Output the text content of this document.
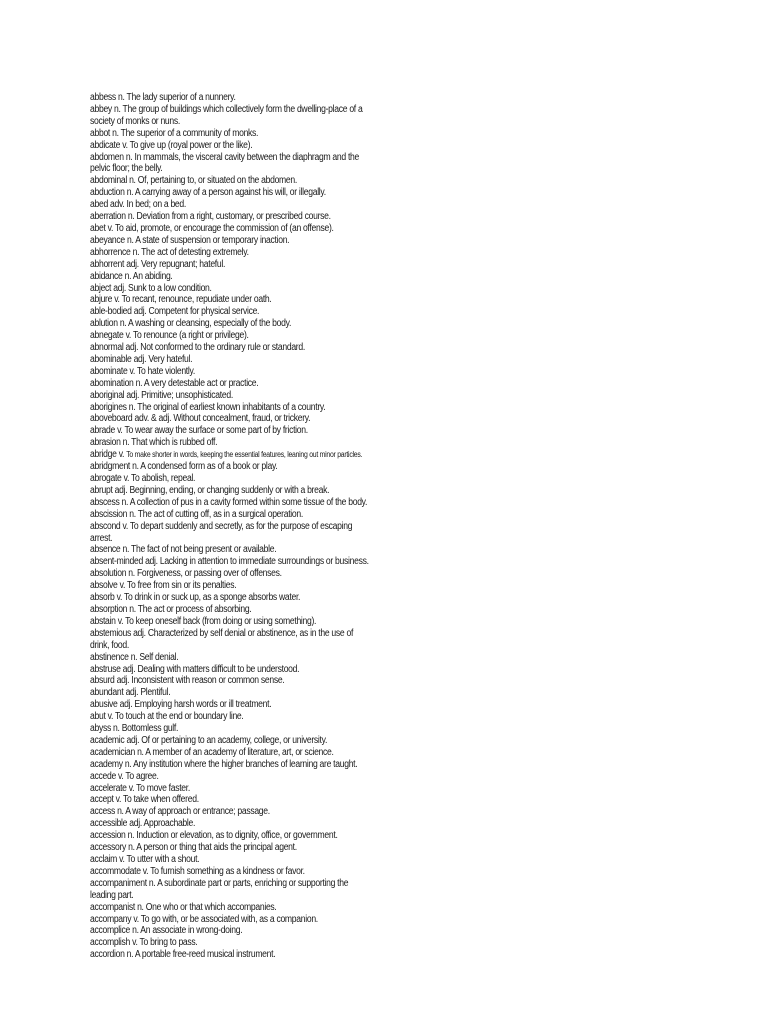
abbess n. The lady superior of a nunnery.
abbey n. The group of buildings which collectively form the dwelling-place of a society of monks or nuns.
abbot n. The superior of a community of monks.
abdicate v. To give up (royal power or the like).
abdomen n. In mammals, the visceral cavity between the diaphragm and the pelvic floor; the belly.
abdominal n. Of, pertaining to, or situated on the abdomen.
abduction n. A carrying away of a person against his will, or illegally.
abed adv. In bed; on a bed.
aberration n. Deviation from a right, customary, or prescribed course.
abet v. To aid, promote, or encourage the commission of (an offense).
abeyance n. A state of suspension or temporary inaction.
abhorrence n. The act of detesting extremely.
abhorrent adj. Very repugnant; hateful.
abidance n. An abiding.
abject adj. Sunk to a low condition.
abjure v. To recant, renounce, repudiate under oath.
able-bodied adj. Competent for physical service.
ablution n. A washing or cleansing, especially of the body.
abnegate v. To renounce (a right or privilege).
abnormal adj. Not conformed to the ordinary rule or standard.
abominable adj. Very hateful.
abominate v. To hate violently.
abomination n. A very detestable act or practice.
aboriginal adj. Primitive; unsophisticated.
aborigines n. The original of earliest known inhabitants of a country.
aboveboard adv. & adj. Without concealment, fraud, or trickery.
abrade v. To wear away the surface or some part of by friction.
abrasion n. That which is rubbed off.
abridge v. To make shorter in words, keeping the essential features, leaning out minor particles.
abridgment n. A condensed form as of a book or play.
abrogate v. To abolish, repeal.
abrupt adj. Beginning, ending, or changing suddenly or with a break.
abscess n. A collection of pus in a cavity formed within some tissue of the body.
abscission n. The act of cutting off, as in a surgical operation.
abscond v. To depart suddenly and secretly, as for the purpose of escaping arrest.
absence n. The fact of not being present or available.
absent-minded adj. Lacking in attention to immediate surroundings or business.
absolution n. Forgiveness, or passing over of offenses.
absolve v. To free from sin or its penalties.
absorb v. To drink in or suck up, as a sponge absorbs water.
absorption n. The act or process of absorbing.
abstain v. To keep oneself back (from doing or using something).
abstemious adj. Characterized by self denial or abstinence, as in the use of drink, food.
abstinence n. Self denial.
abstruse adj. Dealing with matters difficult to be understood.
absurd adj. Inconsistent with reason or common sense.
abundant adj. Plentiful.
abusive adj. Employing harsh words or ill treatment.
abut v. To touch at the end or boundary line.
abyss n. Bottomless gulf.
academic adj. Of or pertaining to an academy, college, or university.
academician n. A member of an academy of literature, art, or science.
academy n. Any institution where the higher branches of learning are taught.
accede v. To agree.
accelerate v. To move faster.
accept v. To take when offered.
access n. A way of approach or entrance; passage.
accessible adj. Approachable.
accession n. Induction or elevation, as to dignity, office, or government.
accessory n. A person or thing that aids the principal agent.
acclaim v. To utter with a shout.
accommodate v. To furnish something as a kindness or favor.
accompaniment n. A subordinate part or parts, enriching or supporting the leading part.
accompanist n. One who or that which accompanies.
accompany v. To go with, or be associated with, as a companion.
accomplice n. An associate in wrong-doing.
accomplish v. To bring to pass.
accordion n. A portable free-reed musical instrument.
